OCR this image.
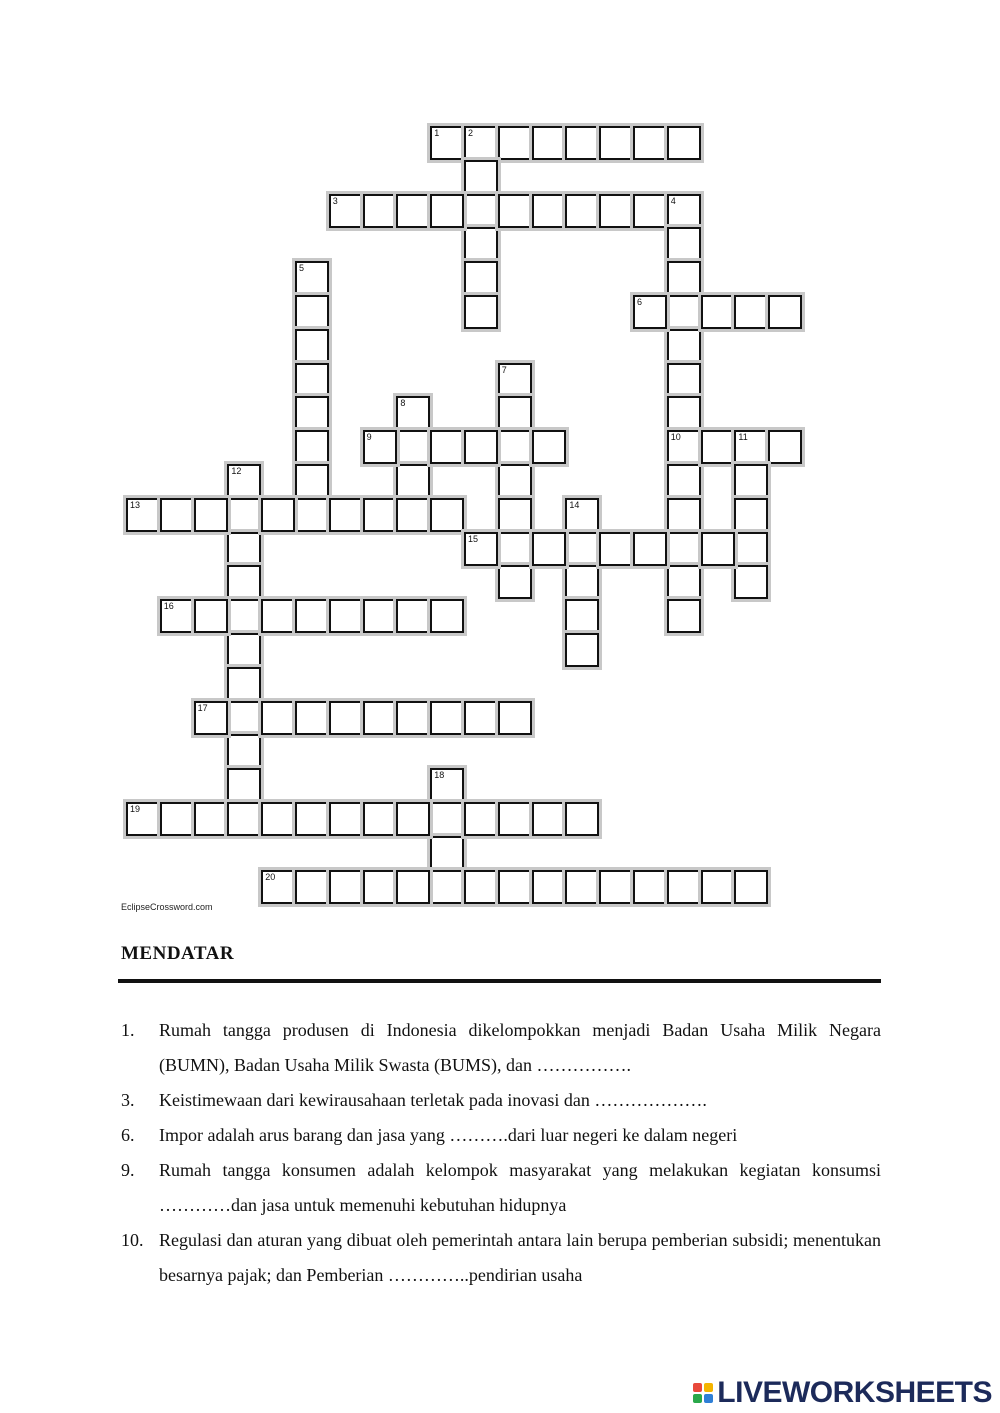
1	2
3	4
10
5
6
7
8
9	11
12
13	14
15
16
17
18
19
20
EclipseCrossword.com
MENDATAR
1.	Rumah tangga produsen di Indonesia dikelompokkan menjadi Badan Usaha Milik Negara (BUMN), Badan Usaha Milik Swasta (BUMS), dan …………….
3.	Keistimewaan dari kewirausahaan terletak pada inovasi dan ……………….
6.	Impor adalah arus barang dan jasa yang ……….dari luar negeri ke dalam negeri
9.	Rumah tangga konsumen adalah kelompok masyarakat yang melakukan kegiatan konsumsi …………dan jasa untuk memenuhi kebutuhan hidupnya
10. Regulasi dan aturan yang dibuat oleh pemerintah antara lain berupa pemberian subsidi; menentukan besarnya pajak; dan Pemberian …………..pendirian usaha
LIVEWORKSHEETS
